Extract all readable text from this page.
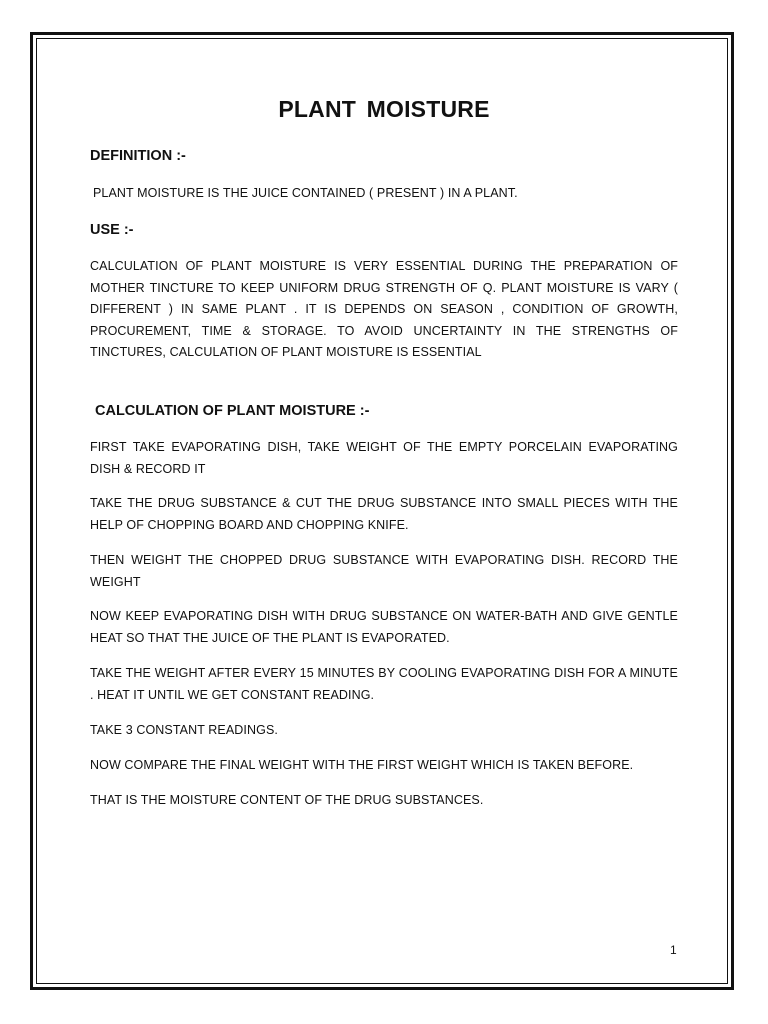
PLANT MOISTURE
DEFINITION :-

PLANT MOISTURE IS THE JUICE CONTAINED ( PRESENT ) IN A PLANT.

USE :-

CALCULATION OF PLANT MOISTURE IS VERY ESSENTIAL DURING THE PREPARATION OF MOTHER TINCTURE TO KEEP UNIFORM DRUG STRENGTH OF Q. PLANT MOISTURE IS VARY ( DIFFERENT ) IN SAME PLANT . IT IS DEPENDS ON SEASON , CONDITION OF GROWTH, PROCUREMENT, TIME & STORAGE. TO AVOID UNCERTAINTY IN THE STRENGTHS OF TINCTURES, CALCULATION OF PLANT MOISTURE IS ESSENTIAL

CALCULATION OF PLANT MOISTURE :-

FIRST TAKE EVAPORATING DISH, TAKE WEIGHT OF THE EMPTY PORCELAIN EVAPORATING DISH & RECORD IT

TAKE THE DRUG SUBSTANCE & CUT THE DRUG SUBSTANCE INTO SMALL PIECES WITH THE HELP OF CHOPPING BOARD AND CHOPPING KNIFE.

THEN WEIGHT THE CHOPPED DRUG SUBSTANCE WITH EVAPORATING DISH. RECORD THE WEIGHT

NOW KEEP EVAPORATING DISH WITH DRUG SUBSTANCE ON WATER-BATH AND GIVE GENTLE HEAT SO THAT THE JUICE OF THE PLANT IS EVAPORATED.

TAKE THE WEIGHT AFTER EVERY 15 MINUTES BY COOLING EVAPORATING DISH FOR A MINUTE . HEAT IT UNTIL WE GET CONSTANT READING.

TAKE 3 CONSTANT READINGS.

NOW COMPARE THE FINAL WEIGHT WITH THE FIRST WEIGHT WHICH IS TAKEN BEFORE.

THAT IS THE MOISTURE CONTENT OF THE DRUG SUBSTANCES.

1
